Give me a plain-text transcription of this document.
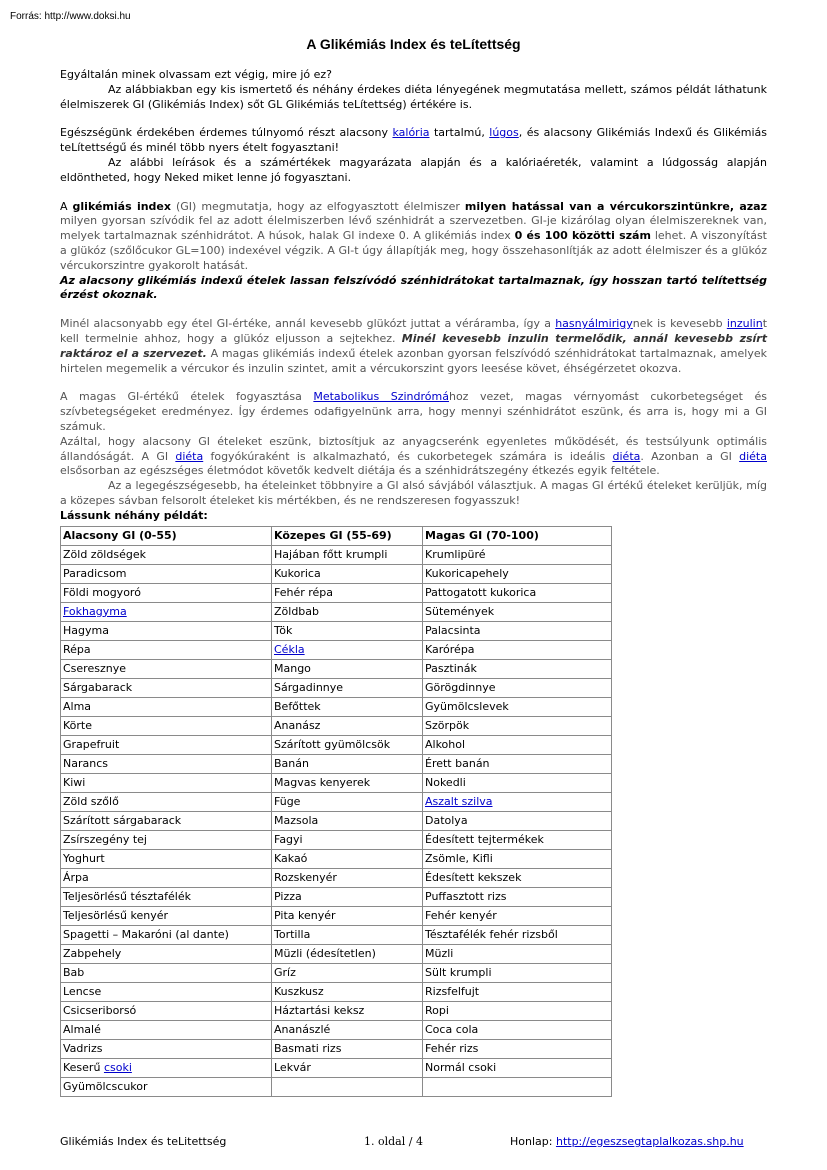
Forrás: http://www.doksi.hu
A Glikémiás Index és teLítettség

Egyáltalán minek olvassam ezt végig, mire jó ez?

Az alábbiakban egy kis ismertető és néhány érdekes diéta lényegének megmutatása mellett, számos példát láthatunk élelmiszerek GI (Glikémiás Index) sőt GL Glikémiás teLítettség) értékére is.

Egészségünk érdekében érdemes túlnyomó részt alacsony kalória tartalmú, lúgos, és alacsony Glikémiás Indexű és Glikémiás teLítettségű és minél több nyers ételt fogyasztani!

Az alábbi leírások és a számértékek magyarázata alapján és a kalóriaéreték, valamint a lúdgosság alapján eldöntheted, hogy Neked miket lenne jó fogyasztani.

A glikémiás index (GI) megmutatja, hogy az elfogyasztott élelmiszer milyen hatással van a vércukorszintünkre, azaz milyen gyorsan szívódik fel az adott élelmiszerben lévő szénhidrát a szervezetben. GI-je kizárólag olyan élelmiszereknek van, melyek tartalmaznak szénhidrátot. A húsok, halak GI indexe 0. A glikémiás index 0 és 100 közötti szám lehet. A viszonyítást a glükóz (szőlőcukor GL=100) indexével végzik. A GI-t úgy állapítják meg, hogy összehasonlítják az adott élelmiszer és a glükóz vércukorszintre gyakorolt hatását.

Az alacsony glikémiás indexű ételek lassan felszívódó szénhidrátokat tartalmaznak, így hosszan tartó telítettség érzést okoznak.

Minél alacsonyabb egy étel GI-értéke, annál kevesebb glükózt juttat a véráramba, így a hasnyálmirigynek is kevesebb inzulint kell termelnie ahhoz, hogy a glükóz eljusson a sejtekhez. Minél kevesebb inzulin termelődik, annál kevesebb zsírt raktároz el a szervezet. A magas glikémiás indexű ételek azonban gyorsan felszívódó szénhidrátokat tartalmaznak, amelyek hirtelen megemelik a vércukor és inzulin szintet, amit a vércukorszint gyors leesése követ, éhségérzetet okozva.

A magas GI-értékű ételek fogyasztása Metabolikus Szindrómához vezet, magas vérnyomást cukorbetegséget és szívbetegségeket eredményez. Így érdemes odafigyelnünk arra, hogy mennyi szénhidrátot eszünk, és arra is, hogy mi a GI számuk.

Azáltal, hogy alacsony GI ételeket eszünk, biztosítjuk az anyagcserénk egyenletes működését, és testsúlyunk optimális állandóságát. A GI diéta fogyókúraként is alkalmazható, és cukorbetegek számára is ideális diéta. Azonban a GI diéta elsősorban az egészséges életmódot követők kedvelt diétája és a szénhidrátszegény étkezés egyik feltétele.

Az a legegészségesebb, ha ételeinket többnyire a GI alsó sávjából választjuk. A magas GI értékű ételeket kerüljük, míg a közepes sávban felsorolt ételeket kis mértékben, és ne rendszeresen fogyasszuk!

Lássunk néhány példát:

Alacsony GI (0-55)	Közepes GI (55-69)	Magas GI (70-100)
Zöld zöldségek	Hajában főtt krumpli	Krumlipüré
Paradicsom	Kukorica	Kukoricapehely
Földi mogyoró	Fehér répa	Pattogatott kukorica
Fokhagyma	Zöldbab	Sütemények
Hagyma	Tök	Palacsinta
Répa	Cékla	Karórépa
Cseresznye	Mango	Pasztinák
Sárgabarack	Sárgadinnye	Görögdinnye
Alma	Befőttek	Gyümölcslevek
Körte	Ananász	Szörpök
Grapefruit	Szárított gyümölcsök	Alkohol
Narancs	Banán	Érett banán
Kiwi	Magvas kenyerek	Nokedli
Zöld szőlő	Füge	Aszalt szilva
Szárított sárgabarack	Mazsola	Datolya
Zsírszegény tej	Fagyi	Édesített tejtermékek
Yoghurt	Kakaó	Zsömle, Kifli
Árpa	Rozskenyér	Édesített kekszek
Teljesörlésű tésztafélék	Pizza	Puffasztott rizs
Teljesörlésű kenyér	Pita kenyér	Fehér kenyér
Spagetti – Makaróni (al dante)	Tortilla	Tésztafélék fehér rizsből
Zabpehely	Müzli (édesítetlen)	Müzli
Bab	Gríz	Sült krumpli
Lencse	Kuszkusz	Rizsfelfujt
Csicseriborsó	Háztartási keksz	Ropi
Almalé	Ananászlé	Coca cola
Vadrizs	Basmati rizs	Fehér rizs
Keserű csoki	Lekvár	Normál csoki
Gyümölcscukor		
Glikémiás Index és teLitettség	1. oldal / 4	Honlap: http://egeszsegtaplalkozas.shp.hu
